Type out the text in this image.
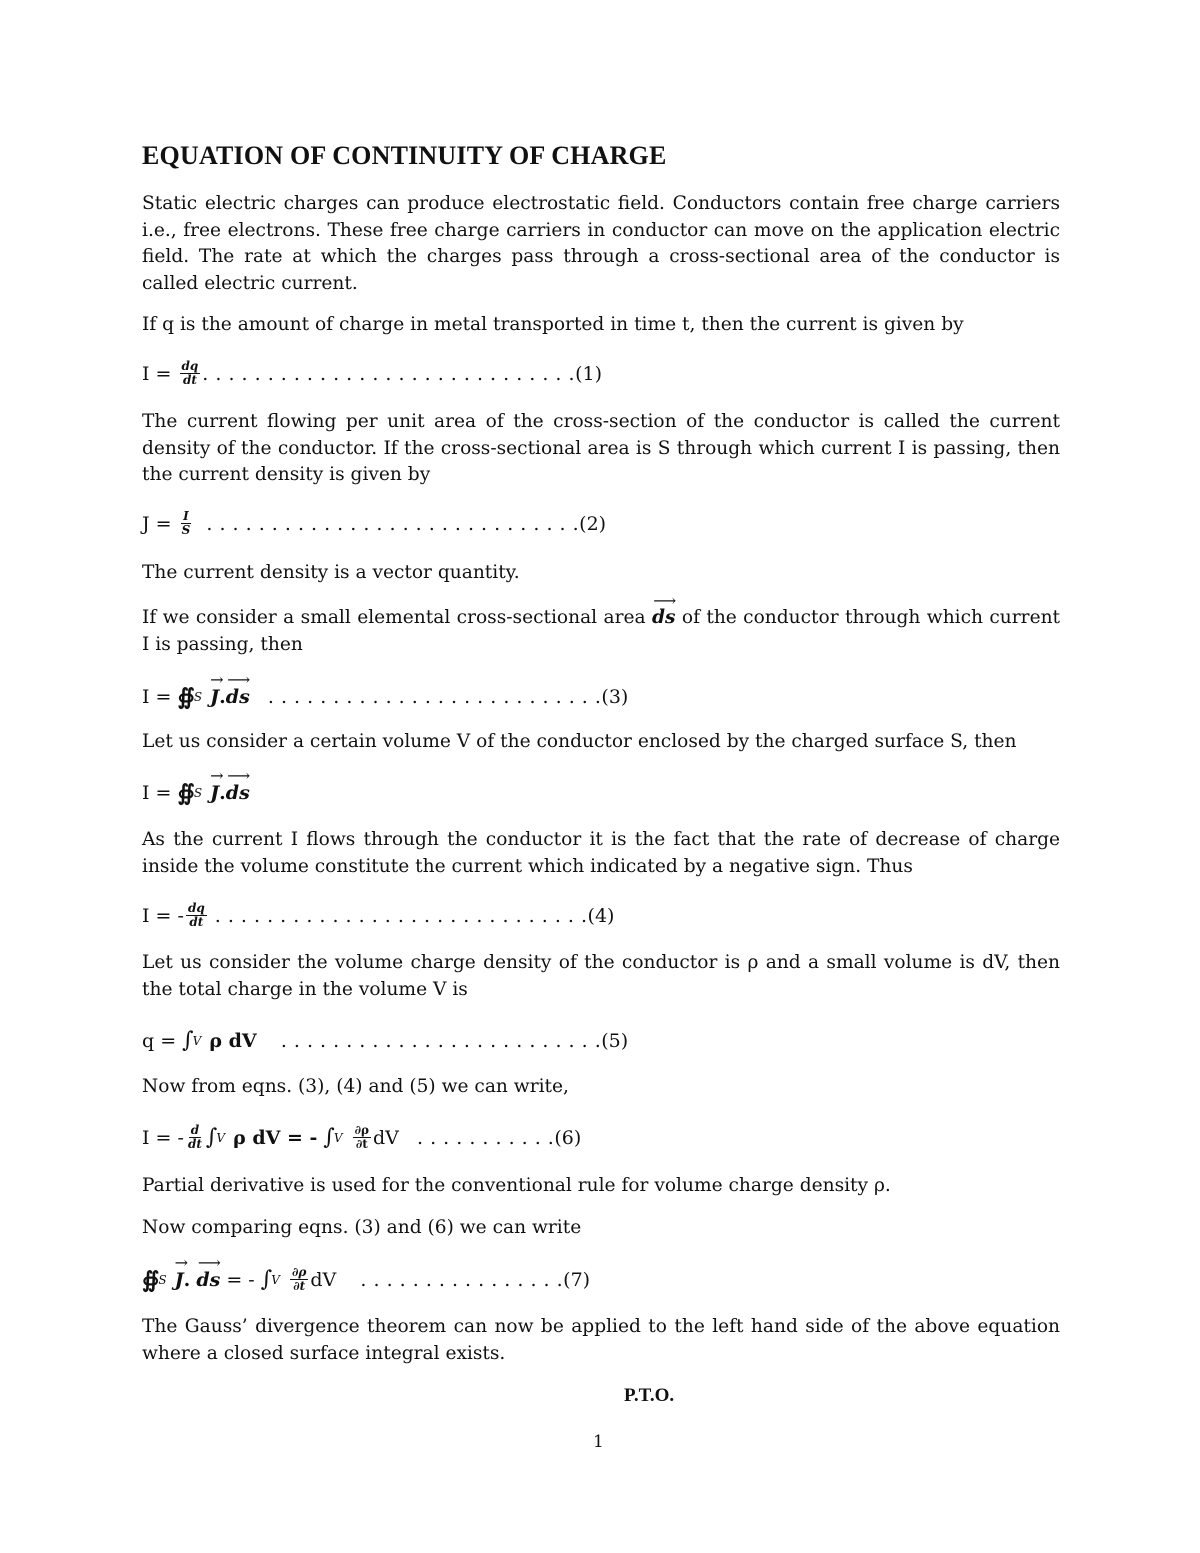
EQUATION OF CONTINUITY OF CHARGE
Static electric charges can produce electrostatic field. Conductors contain free charge carriers i.e., free electrons. These free charge carriers in conductor can move on the application electric field. The rate at which the charges pass through a cross-sectional area of the conductor is called electric current.
If q is the amount of charge in metal transported in time t, then the current is given by
I =
$\frac{dq}{dt}$ . . . . . . . . . . . . . . . . . . . . . . . . . . . . . (1)
The current flowing per unit area of the cross-section of the conductor is called the current density of the conductor. If the cross-sectional area is S through which current I is passing, then the current density is given by
J =
$\frac{I}{S}$
. . . . . . . . . . . . . . . . . . . . . . . . . . . . . (2)
The current density is a vector quantity.
If we consider a small elemental cross-sectional area ⟶ ds of the conductor through which current I is passing, then
I =
∯ S
→ J . ⟶ ds
. . . . . . . . . . . . . . . . . . . . . . . . . . (3)
Let us consider a certain volume V of the conductor enclosed by the charged surface S, then
I =
∯ S
→ J . ⟶ ds
As the current I flows through the conductor it is the fact that the rate of decrease of charge inside the volume constitute the current which indicated by a negative sign. Thus
I = - $\frac{dq}{dt}$
. . . . . . . . . . . . . . . . . . . . . . . . . . . . . (4)
Let us consider the volume charge density of the conductor is ρ and a small volume is dV, then the total charge in the volume V is
q =
∫ V
ρ dV
. . . . . . . . . . . . . . . . . . . . . . . . . (5)
Now from eqns. (3), (4) and (5) we can write,
I = - $\frac{d}{dt}$ ∫ V
ρ dV = -
∫ V
$\frac{\partial\rho}{\partial t}$ dV
. . . . . . . . . . . (6)
Partial derivative is used for the conventional rule for volume charge density ρ.
Now comparing eqns. (3) and (6) we can write
∯ S
→ J .
⟶ ds
= -
∫ V
$\frac{\partial\rho}{\partial t}$ dV
. . . . . . . . . . . . . . . . (7)
The Gauss’ divergence theorem can now be applied to the left hand side of the above equation where a closed surface integral exists.
P.T.O.
1
